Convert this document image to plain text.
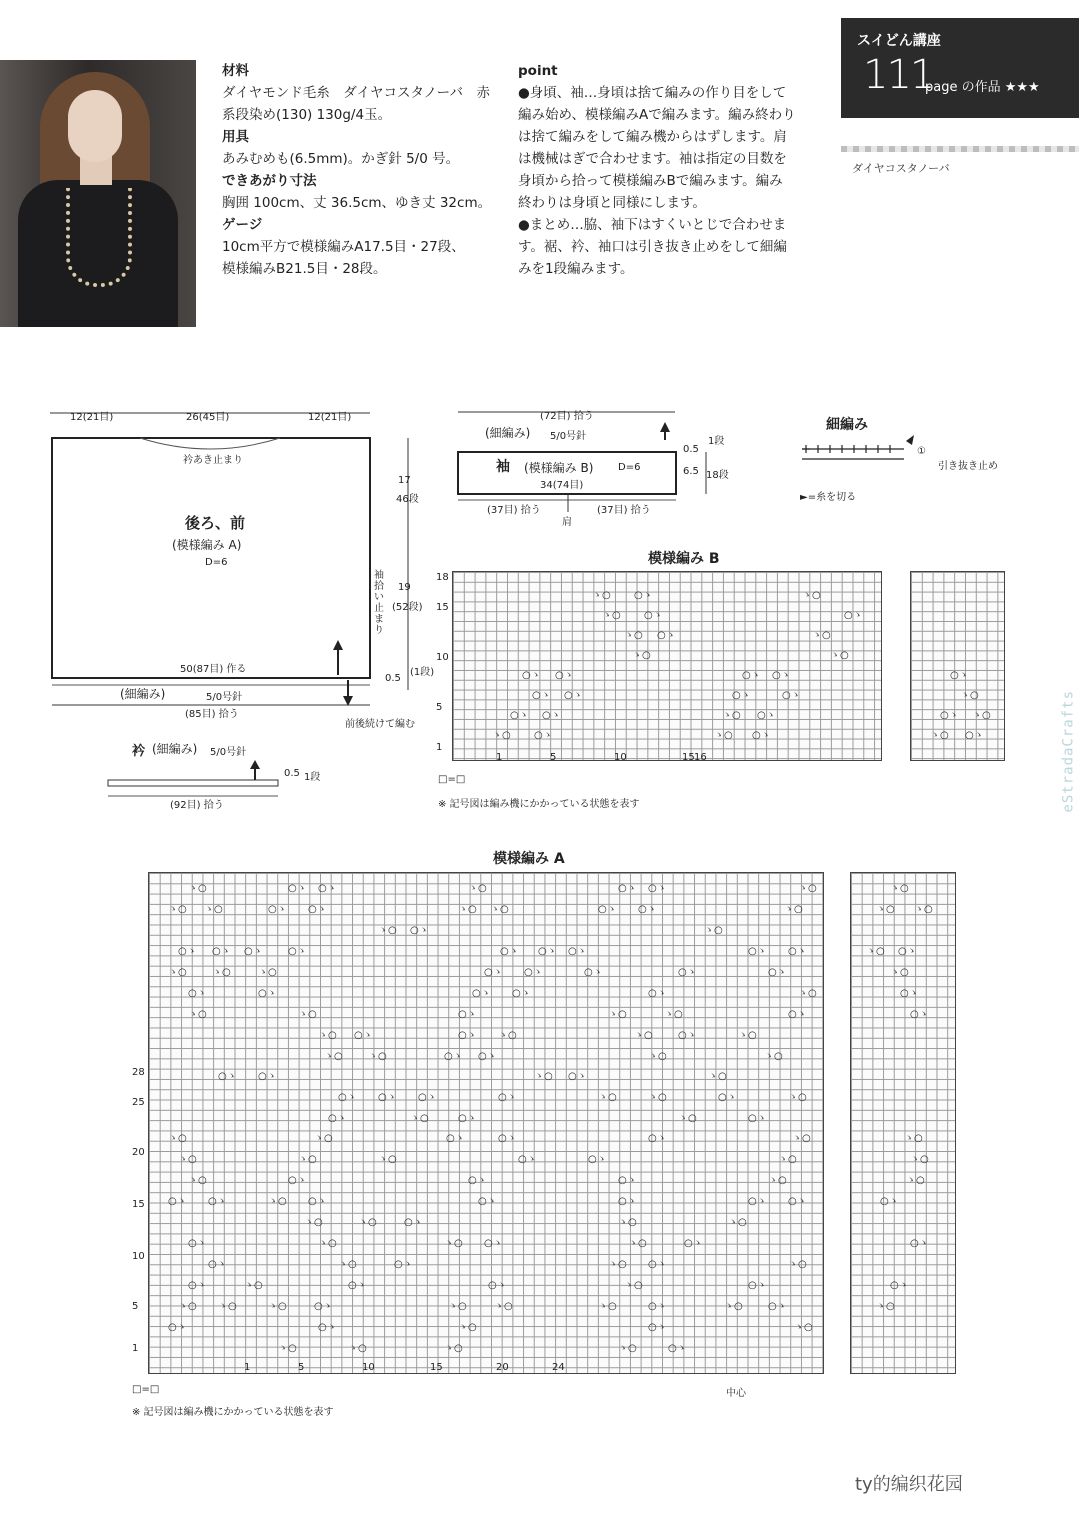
スイどん講座
111
page の作品 ★★★
ダイヤコスタノーバ
材料
ダイヤモンド毛糸　ダイヤコスタノーバ　赤系段染め(130) 130g/4玉。
用具
あみむめも(6.5mm)。かぎ針 5/0 号。
できあがり寸法
胸囲 100cm、丈 36.5cm、ゆき丈 32cm。
ゲージ
10cm平方で模様編みA17.5目・27段、
模様編みB21.5目・28段。
point
●身頃、袖…身頃は捨て編みの作り目をして編み始め、模様編みAで編みます。編み終わりは捨て編みをして編み機からはずします。肩は機械はぎで合わせます。袖は指定の目数を身頃から拾って模様編みBで編みます。編み終わりは身頃と同様にします。
●まとめ…脇、袖下はすくいとじで合わせます。裾、衿、袖口は引き抜き止めをして細編みを1段編みます。
12(21目)	26(45目)	12(21目)
衿あき止まり
後ろ、前
(模様編み A)
D=6
17
46段
19
(52段)
袖拾い止まり
50(87目) 作る
0.5
(1段)
(細編み)	5/0号針
(85目) 拾う
前後続けて編む
衿 (細編み) 5/0号針
0.5 1段
(92目) 拾う
(72目) 拾う
(細編み) 5/0号針
袖 (模様編み B) D=6
34(74目)
(37目) 拾う
肩
(37目) 拾う
0.5
1段
6.5 18段
細編み
①
引き抜き止め
►=糸を切る
模様編み B
18
15
10
5
1
1	5	10	15 16
ゝ○ ○ゝ
ゝ○ ○ゝ
ゝ○ ○ゝ
ゝ○
○ゝ ○ゝ
○ゝ ○ゝ
○ゝ ○ゝ
ゝ○ ○ゝ
ゝ○
○ゝ
ゝ○
ゝ○
○ゝ ○ゝ
○ゝ	○ゝ
ゝ○ ○ゝ
ゝ○ ○ゝ
○ゝ
ゝ○
○ゝ ゝ○
ゝ○ ○ゝ
□=□
※ 記号図は編み機にかかっている状態を表す
模様編み A
28
25
20
15
10
5
1
1	5	10	15	20	24
ゝ○	○ゝ ○ゝ	ゝ○	○ゝ ○ゝ	ゝ○
ゝ○ ゝ○	○ゝ ○ゝ	ゝ○ ゝ○	○ゝ ○ゝ	ゝ○
ゝ○ ○ゝ	ゝ○
○ゝ ○ゝ ○ゝ	○ゝ	○ゝ ○ゝ ○ゝ	○ゝ ○ゝ
ゝ○	ゝ○	ゝ○	○ゝ ○ゝ	○ゝ	○ゝ	○ゝ
○ゝ	○ゝ	○ゝ ○ゝ	○ゝ	ゝ○
ゝ○	ゝ○	○ゝ	ゝ○	ゝ○	○ゝ
ゝ○ ○ゝ	○ゝ ゝ○	ゝ○	○ゝ	ゝ○
ゝ○	ゝ○	○ゝ ○ゝ	ゝ○	ゝ○
○ゝ ○ゝ	ゝ○ ○ゝ	ゝ○
○ゝ ○ゝ ○ゝ	○ゝ	ゝ○	ゝ○	○ゝ	ゝ○
○ゝ	ゝ○	○ゝ	ゝ○	○ゝ
ゝ○	ゝ○	○ゝ	○ゝ	○ゝ	ゝ○
ゝ○	ゝ○	ゝ○	○ゝ	○ゝ	ゝ○
ゝ○	○ゝ	○ゝ	○ゝ	ゝ○
○ゝ ○ゝ	ゝ○ ○ゝ	○ゝ	○ゝ	○ゝ ○ゝ
ゝ○	ゝ○	○ゝ	ゝ○	ゝ○
○ゝ	ゝ○	ゝ○ ○ゝ	ゝ○	○ゝ
○ゝ	ゝ○	○ゝ	ゝ○ ○ゝ	ゝ○
○ゝ	ゝ○	○ゝ	○ゝ	ゝ○	○ゝ
ゝ○ ゝ○	ゝ○	○ゝ	ゝ○	ゝ○	ゝ○	○ゝ	ゝ○	○ゝ
○ゝ	○ゝ	ゝ○	○ゝ	ゝ○
ゝ○	ゝ○	ゝ○	ゝ○	○ゝ
ゝ○
ゝ○ ゝ○
ゝ○ ○ゝ
ゝ○
○ゝ
○ゝ
ゝ○
ゝ○
ゝ○
○ゝ
○ゝ
○ゝ
ゝ○
中心
□=□
※ 記号図は編み機にかかっている状態を表す
eStradaCrafts
ty的编织花园
